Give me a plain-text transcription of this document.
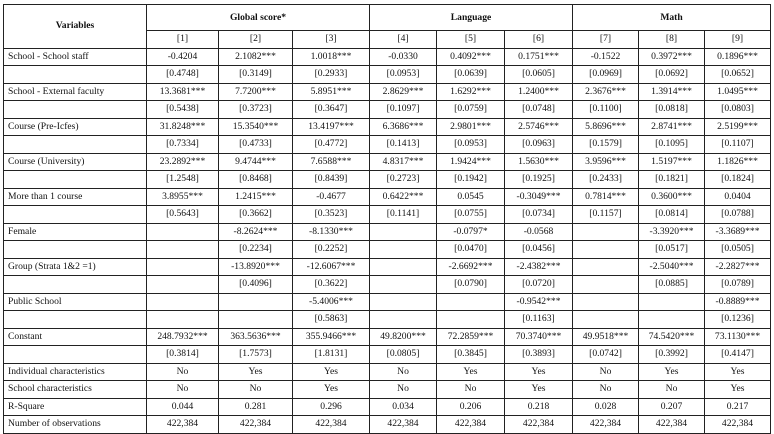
Variables	Global score*			Language			Math		
	[1]	[2]	[3]	[4]	[5]	[6]	[7]	[8]	[9]
School - School staff	-0.4204	2.1082***	1.0018***	-0.0330	0.4092***	0.1751***	-0.1522	0.3972***	0.1896***
	[0.4748]	[0.3149]	[0.2933]	[0.0953]	[0.0639]	[0.0605]	[0.0969]	[0.0692]	[0.0652]
School - External faculty	13.3681***	7.7200***	5.8951***	2.8629***	1.6292***	1.2400***	2.3676***	1.3914***	1.0495***
	[0.5438]	[0.3723]	[0.3647]	[0.1097]	[0.0759]	[0.0748]	[0.1100]	[0.0818]	[0.0803]
Course (Pre-Icfes)	31.8248***	15.3540***	13.4197***	6.3686***	2.9801***	2.5746***	5.8696***	2.8741***	2.5199***
	[0.7334]	[0.4733]	[0.4772]	[0.1413]	[0.0953]	[0.0963]	[0.1579]	[0.1095]	[0.1107]
Course (University)	23.2892***	9.4744***	7.6588***	4.8317***	1.9424***	1.5630***	3.9596***	1.5197***	1.1826***
	[1.2548]	[0.8468]	[0.8439]	[0.2723]	[0.1942]	[0.1925]	[0.2433]	[0.1821]	[0.1824]
More than 1 course	3.8955***	1.2415***	-0.4677	0.6422***	0.0545	-0.3049***	0.7814***	0.3600***	0.0404
	[0.5643]	[0.3662]	[0.3523]	[0.1141]	[0.0755]	[0.0734]	[0.1157]	[0.0814]	[0.0788]
Female		-8.2624***	-8.1330***		-0.0797*	-0.0568		-3.3920***	-3.3689***
		[0.2234]	[0.2252]		[0.0470]	[0.0456]		[0.0517]	[0.0505]
Group (Strata 1&2 =1)		-13.8920***	-12.6067***		-2.6692***	-2.4382***		-2.5040***	-2.2827***
		[0.4096]	[0.3622]		[0.0790]	[0.0720]		[0.0885]	[0.0789]
Public School			-5.4006***			-0.9542***			-0.8889***
			[0.5863]			[0.1163]			[0.1236]
Constant	248.7932***	363.5636***	355.9466***	49.8200***	72.2859***	70.3740***	49.9518***	74.5420***	73.1130***
	[0.3814]	[1.7573]	[1.8131]	[0.0805]	[0.3845]	[0.3893]	[0.0742]	[0.3992]	[0.4147]
Individual characteristics	No	Yes	Yes	No	Yes	Yes	No	Yes	Yes
School characteristics	No	No	Yes	No	No	Yes	No	No	Yes
R-Square	0.044	0.281	0.296	0.034	0.206	0.218	0.028	0.207	0.217
Number of observations	422,384	422,384	422,384	422,384	422,384	422,384	422,384	422,384	422,384
